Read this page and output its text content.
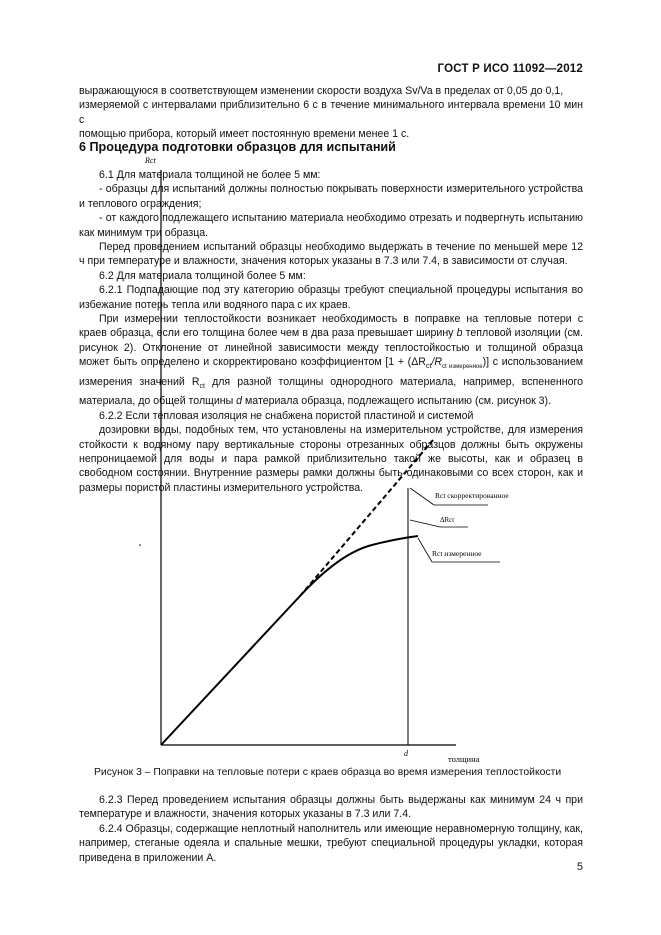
ГОСТ Р ИСО 11092—2012

выражающуюся в соответствующем изменении скорости воздуха Sv/Va в пределах от 0,05 до 0,1,

измеряемой с интервалами приблизительно 6 с в течение минимального интервала времени 10 мин с

помощью прибора, который имеет постоянную времени менее 1 с.

6 Процедура подготовки образцов для испытаний

6.1 Для материала толщиной не более 5 мм:

- образцы для испытаний должны полностью покрывать поверхности измерительного устройства и теплового ограждения;

- от каждого подлежащего испытанию материала необходимо отрезать и подвергнуть испытанию как минимум три образца.

Перед проведением испытаний образцы необходимо выдержать в течение по меньшей мере 12 ч при температуре и влажности, значения которых указаны в 7.3 или 7.4, в зависимости от случая.

6.2 Для материала толщиной более 5 мм:

6.2.1 Подпадающие под эту категорию образцы требуют специальной процедуры испытания во избежание потерь тепла или водяного пара с их краев.

При измерении теплостойкости возникает необходимость в поправке на тепловые потери с краев образца, если его толщина более чем в два раза превышает ширину b тепловой изоляции (см. рисунок 2). Отклонение от линейной зависимости между теплостойкостью и толщиной образца может быть определено и скорректировано коэффициентом $[1 + (\Delta R_{ct}/R_{ct измеренное})]$ с использованием измерения значений $R_{ct}$ для разной толщины однородного материала, например, вспененного материала, до общей толщины d материала образца, подлежащего испытанию (см. рисунок 3).

6.2.2 Если тепловая изоляция не снабжена пористой пластиной и системой

дозировки воды, подобных тем, что установлены на измерительном устройстве, для измерения стойкости к водяному пару вертикальные стороны отрезанных образцов должны быть окружены непроницаемой для воды и пара рамкой приблизительно такой же высоты, как и образец в свободном состоянии. Внутренние размеры рамки должны быть одинаковыми со всех сторон, как и размеры пористой пластины измерительного устройства.

Rct
Rct скорректированное
ΔRct
Rct измеренное
d
толщина
Рисунок 3 – Поправки на тепловые потери с краев образца во время измерения теплостойкости

6.2.3 Перед проведением испытания образцы должны быть выдержаны как минимум 24 ч при температуре и влажности, значения которых указаны в 7.3 или 7.4.

6.2.4 Образцы, содержащие неплотный наполнитель или имеющие неравномерную толщину, как, например, стеганые одеяла и спальные мешки, требуют специальной процедуры укладки, которая приведена в приложении А.

5
